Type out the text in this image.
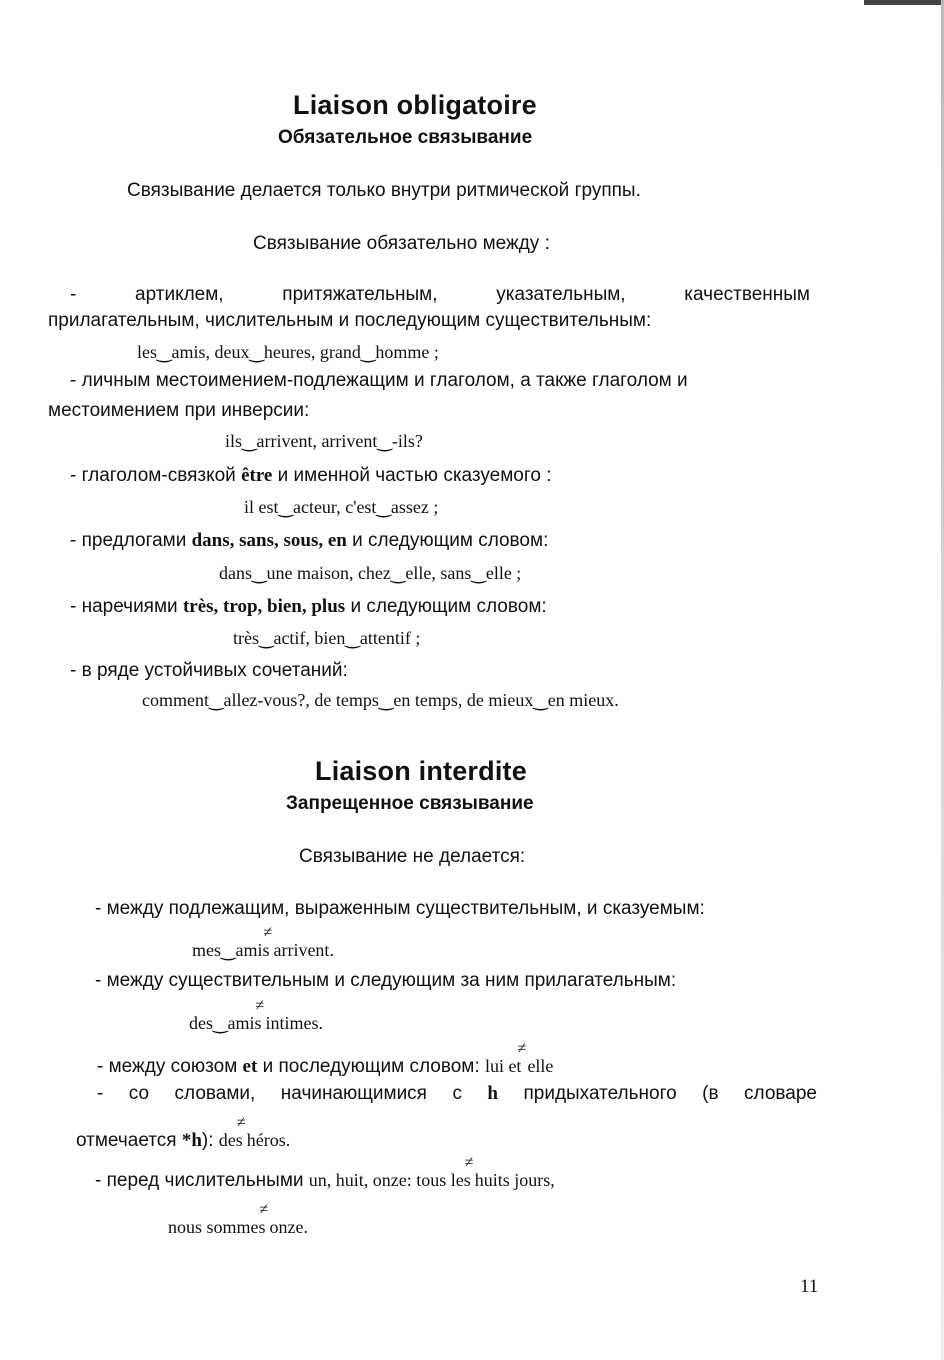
Liaison obligatoire
Обязательное связывание
Связывание делается только внутри ритмической группы.
Связывание обязательно между :
-	артиклем,	притяжательным,	указательным,	качественным
прилагательным, числительным и последующим существительным:
les‿amis, deux‿heures, grand‿homme ;
- личным местоимением-подлежащим и глаголом, а также глаголом и
местоимением при инверсии:
ils‿arrivent, arrivent‿-ils?
- глаголом-связкой être и именной частью сказуемого :
il est‿acteur, c'est‿assez ;
- предлогами dans, sans, sous, en и следующим словом:
dans‿une maison, chez‿elle, sans‿elle ;
- наречиями très, trop, bien, plus и следующим словом:
très‿actif, bien‿attentif ;
- в ряде устойчивых сочетаний:
comment‿allez-vous?, de temps‿en temps, de mieux‿en mieux.
Liaison interdite
Запрещенное связывание
Связывание не делается:
- между подлежащим, выраженным существительным, и сказуемым:
mes‿amis
≠
arrivent.
- между существительным и следующим за ним прилагательным:
des‿amis
≠
intimes.
- между союзом et и последующим словом: lui et
≠
elle
- со словами, начинающимися с h придыхательного (в словаре
отмечается *h): des
≠
héros.
- перед числительными un, huit, onze: tous les
≠
huits jours,
nous sommes
≠
onze.
11
